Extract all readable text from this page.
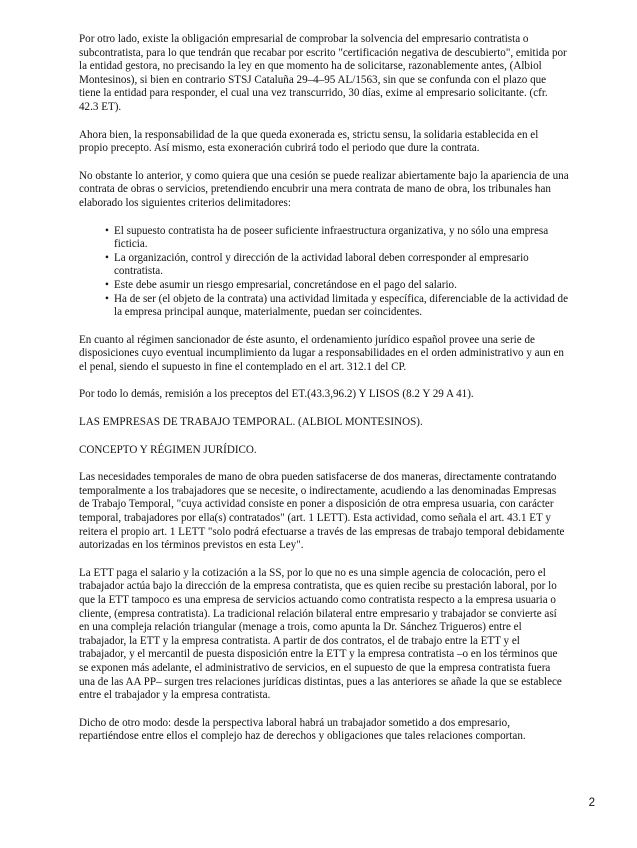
Por otro lado, existe la obligación empresarial de comprobar la solvencia del empresario contratista o subcontratista, para lo que tendrán que recabar por escrito "certificación negativa de descubierto", emitida por la entidad gestora, no precisando la ley en que momento ha de solicitarse, razonablemente antes, (Albiol Montesinos), si bien en contrario STSJ Cataluña 29–4–95 AL/1563, sin que se confunda con el plazo que tiene la entidad para responder, el cual una vez transcurrido, 30 días, exime al empresario solicitante. (cfr. 42.3 ET).

Ahora bien, la responsabilidad de la que queda exonerada es, strictu sensu, la solidaria establecida en el propio precepto. Así mismo, esta exoneración cubrirá todo el periodo que dure la contrata.

No obstante lo anterior, y como quiera que una cesión se puede realizar abiertamente bajo la apariencia de una contrata de obras o servicios, pretendiendo encubrir una mera contrata de mano de obra, los tribunales han elaborado los siguientes criterios delimitadores:

• El supuesto contratista ha de poseer suficiente infraestructura organizativa, y no sólo una empresa ficticia.
• La organización, control y dirección de la actividad laboral deben corresponder al empresario contratista.
• Este debe asumir un riesgo empresarial, concretándose en el pago del salario.
• Ha de ser (el objeto de la contrata) una actividad limitada y específica, diferenciable de la actividad de la empresa principal aunque, materialmente, puedan ser coincidentes.

En cuanto al régimen sancionador de éste asunto, el ordenamiento jurídico español provee una serie de disposiciones cuyo eventual incumplimiento da lugar a responsabilidades en el orden administrativo y aun en el penal, siendo el supuesto in fine el contemplado en el art. 312.1 del CP.

Por todo lo demás, remisión a los preceptos del ET.(43.3,96.2) Y LISOS (8.2 Y 29 A 41).

LAS EMPRESAS DE TRABAJO TEMPORAL. (ALBIOL MONTESINOS).

CONCEPTO Y RÉGIMEN JURÍDICO.

Las necesidades temporales de mano de obra pueden satisfacerse de dos maneras, directamente contratando temporalmente a los trabajadores que se necesite, o indirectamente, acudiendo a las denominadas Empresas de Trabajo Temporal, "cuya actividad consiste en poner a disposición de otra empresa usuaria, con carácter temporal, trabajadores por ella(s) contratados" (art. 1 LETT). Esta actividad, como señala el art. 43.1 ET y reitera el propio art. 1 LETT "solo podrá efectuarse a través de las empresas de trabajo temporal debidamente autorizadas en los términos previstos en esta Ley".

La ETT paga el salario y la cotización a la SS, por lo que no es una simple agencia de colocación, pero el trabajador actúa bajo la dirección de la empresa contratista, que es quien recibe su prestación laboral, por lo que la ETT tampoco es una empresa de servicios actuando como contratista respecto a la empresa usuaria o cliente, (empresa contratista). La tradicional relación bilateral entre empresario y trabajador se convierte así en una compleja relación triangular (menage a trois, como apunta la Dr. Sánchez Trigueros) entre el trabajador, la ETT y la empresa contratista. A partir de dos contratos, el de trabajo entre la ETT y el trabajador, y el mercantil de puesta disposición entre la ETT y la empresa contratista –o en los términos que se exponen más adelante, el administrativo de servicios, en el supuesto de que la empresa contratista fuera una de las AA PP– surgen tres relaciones jurídicas distintas, pues a las anteriores se añade la que se establece entre el trabajador y la empresa contratista.

Dicho de otro modo: desde la perspectiva laboral habrá un trabajador sometido a dos empresario, repartiéndose entre ellos el complejo haz de derechos y obligaciones que tales relaciones comportan.

2
